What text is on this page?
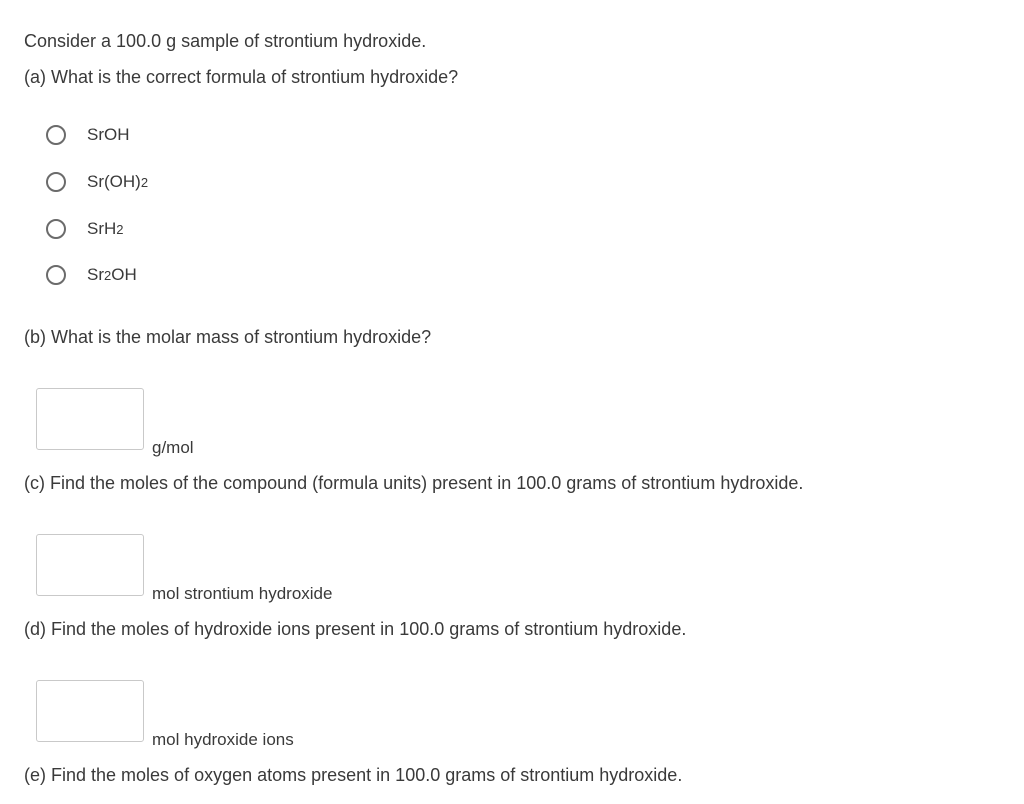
Consider a 100.0 g sample of strontium hydroxide.
(a) What is the correct formula of strontium hydroxide?
SrOH
Sr(OH) 2
SrH 2
Sr 2 OH
(b) What is the molar mass of strontium hydroxide?
g/mol
(c) Find the moles of the compound (formula units) present in 100.0 grams of strontium hydroxide.
mol strontium hydroxide
(d) Find the moles of hydroxide ions present in 100.0 grams of strontium hydroxide.
mol hydroxide ions
(e) Find the moles of oxygen atoms present in 100.0 grams of strontium hydroxide.
